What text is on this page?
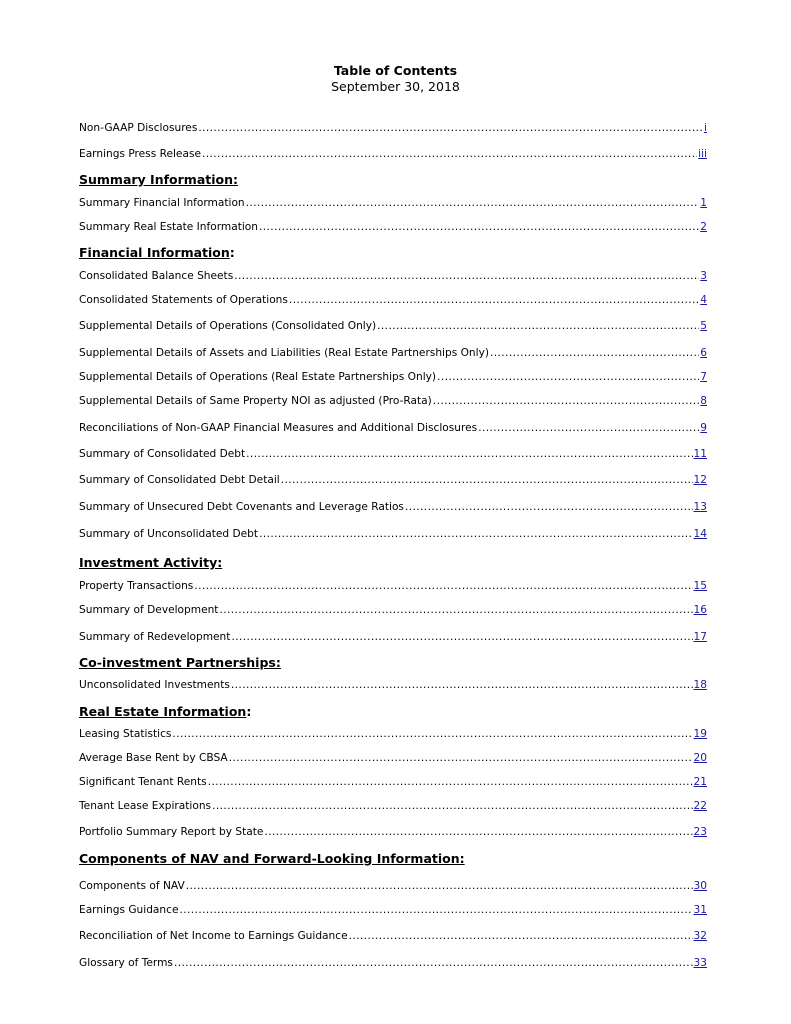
Table of Contents
September 30, 2018
Non-GAAP Disclosures .....	i
Earnings Press Release .....	iii
Summary Information:
Summary Financial Information .....	1
Summary Real Estate Information .....	2
Financial Information:
Consolidated Balance Sheets .....	3
Consolidated Statements of Operations .....	4
Supplemental Details of Operations (Consolidated Only) .....	5
Supplemental Details of Assets and Liabilities (Real Estate Partnerships Only) .....	6
Supplemental Details of Operations (Real Estate Partnerships Only) .....	7
Supplemental Details of Same Property NOI as adjusted (Pro-Rata) .....	8
Reconciliations of Non-GAAP Financial Measures and Additional Disclosures .....	9
Summary of Consolidated Debt .....	11
Summary of Consolidated Debt Detail .....	12
Summary of Unsecured Debt Covenants and Leverage Ratios .....	13
Summary of Unconsolidated Debt .....	14
Investment Activity:
Property Transactions .....	15
Summary of Development .....	16
Summary of Redevelopment .....	17
Co-investment Partnerships:
Unconsolidated Investments .....	18
Real Estate Information:
Leasing Statistics .....	19
Average Base Rent by CBSA .....	20
Significant Tenant Rents .....	21
Tenant Lease Expirations .....	22
Portfolio Summary Report by State .....	23
Components of NAV and Forward-Looking Information:
Components of NAV .....	30
Earnings Guidance .....	31
Reconciliation of Net Income to Earnings Guidance .....	32
Glossary of Terms .....	33
